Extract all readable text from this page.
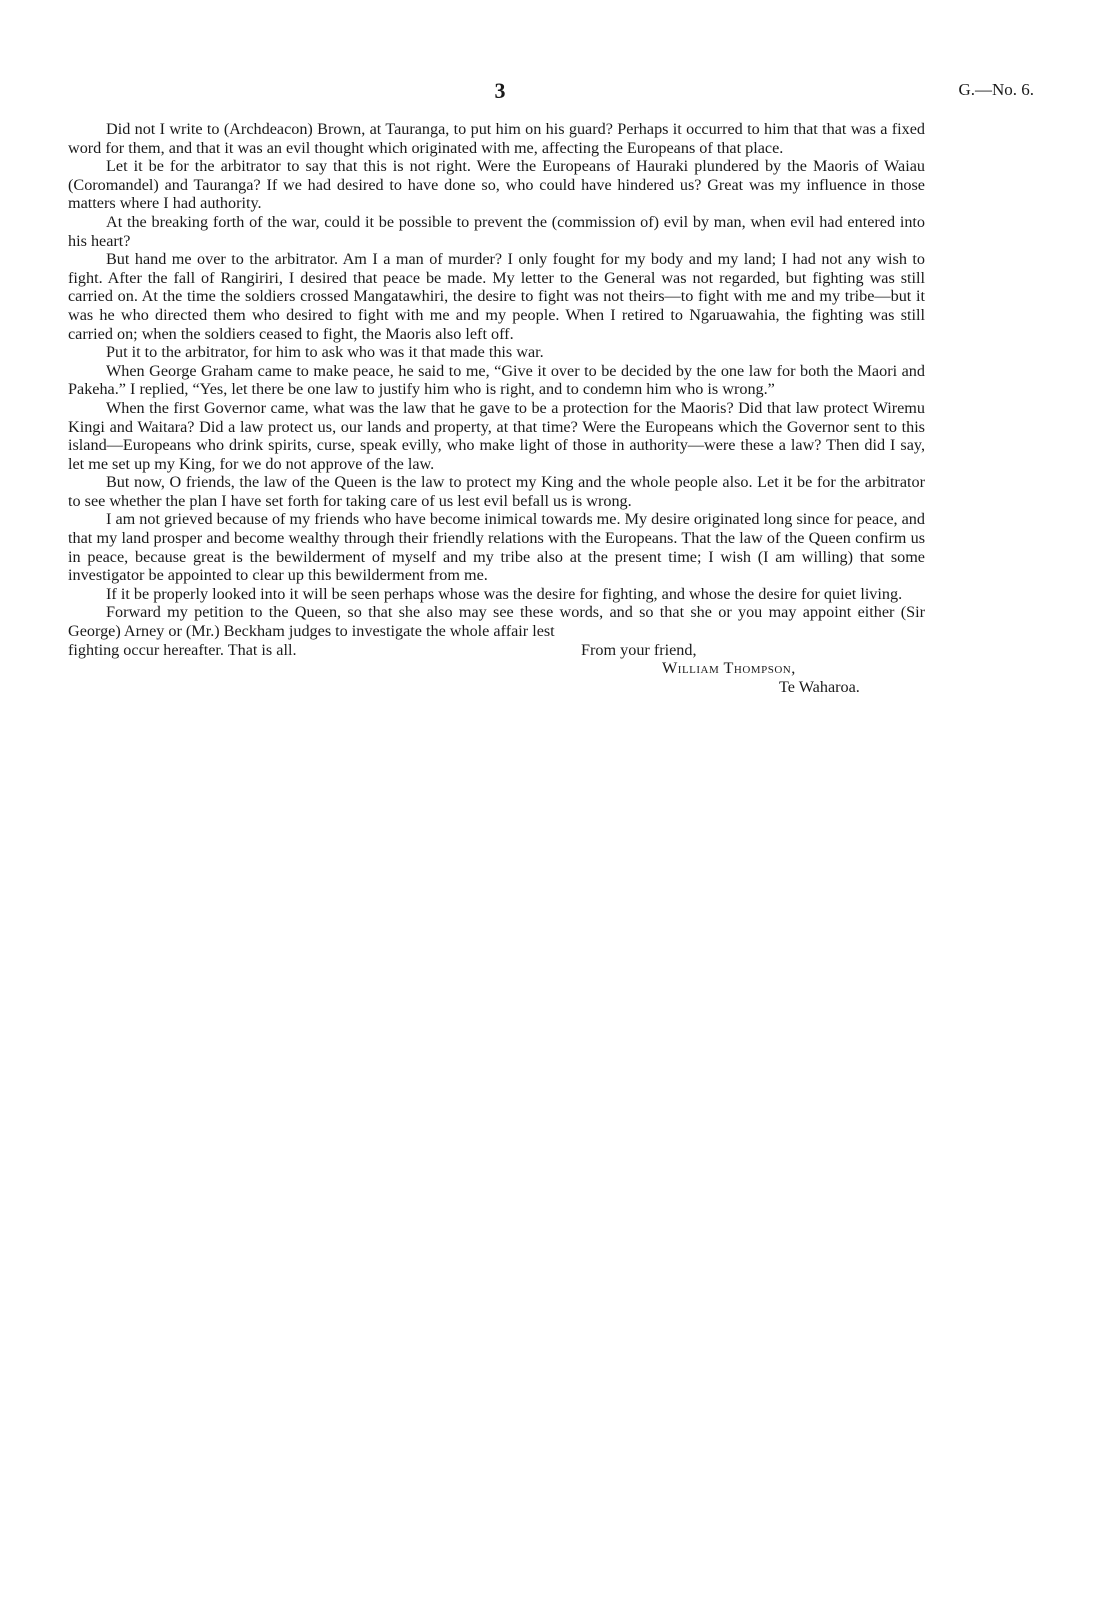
3	G.—No. 6.

Did not I write to (Archdeacon) Brown, at Tauranga, to put him on his guard? Perhaps it occurred to him that that was a fixed word for them, and that it was an evil thought which originated with me, affecting the Europeans of that place.

Let it be for the arbitrator to say that this is not right. Were the Europeans of Hauraki plundered by the Maoris of Waiau (Coromandel) and Tauranga? If we had desired to have done so, who could have hindered us? Great was my influence in those matters where I had authority.

At the breaking forth of the war, could it be possible to prevent the (commission of) evil by man, when evil had entered into his heart?

But hand me over to the arbitrator. Am I a man of murder? I only fought for my body and my land; I had not any wish to fight. After the fall of Rangiriri, I desired that peace be made. My letter to the General was not regarded, but fighting was still carried on. At the time the soldiers crossed Mangatawhiri, the desire to fight was not theirs—to fight with me and my tribe—but it was he who directed them who desired to fight with me and my people. When I retired to Ngaruawahia, the fighting was still carried on; when the soldiers ceased to fight, the Maoris also left off.

Put it to the arbitrator, for him to ask who was it that made this war.

When George Graham came to make peace, he said to me, “Give it over to be decided by the one law for both the Maori and Pakeha.” I replied, “Yes, let there be one law to justify him who is right, and to condemn him who is wrong.”

When the first Governor came, what was the law that he gave to be a protection for the Maoris? Did that law protect Wiremu Kingi and Waitara? Did a law protect us, our lands and property, at that time? Were the Europeans which the Governor sent to this island—Europeans who drink spirits, curse, speak evilly, who make light of those in authority—were these a law? Then did I say, let me set up my King, for we do not approve of the law.

But now, O friends, the law of the Queen is the law to protect my King and the whole people also. Let it be for the arbitrator to see whether the plan I have set forth for taking care of us lest evil befall us is wrong.

I am not grieved because of my friends who have become inimical towards me. My desire originated long since for peace, and that my land prosper and become wealthy through their friendly relations with the Europeans. That the law of the Queen confirm us in peace, because great is the bewilderment of myself and my tribe also at the present time; I wish (I am willing) that some investigator be appointed to clear up this bewilderment from me.

If it be properly looked into it will be seen perhaps whose was the desire for fighting, and whose the desire for quiet living.

Forward my petition to the Queen, so that she also may see these words, and so that she or you may appoint either (Sir George) Arney or (Mr.) Beckham judges to investigate the whole affair lest

fighting occur hereafter. That is all.	From your friend,
William Thompson,
Te Waharoa.
